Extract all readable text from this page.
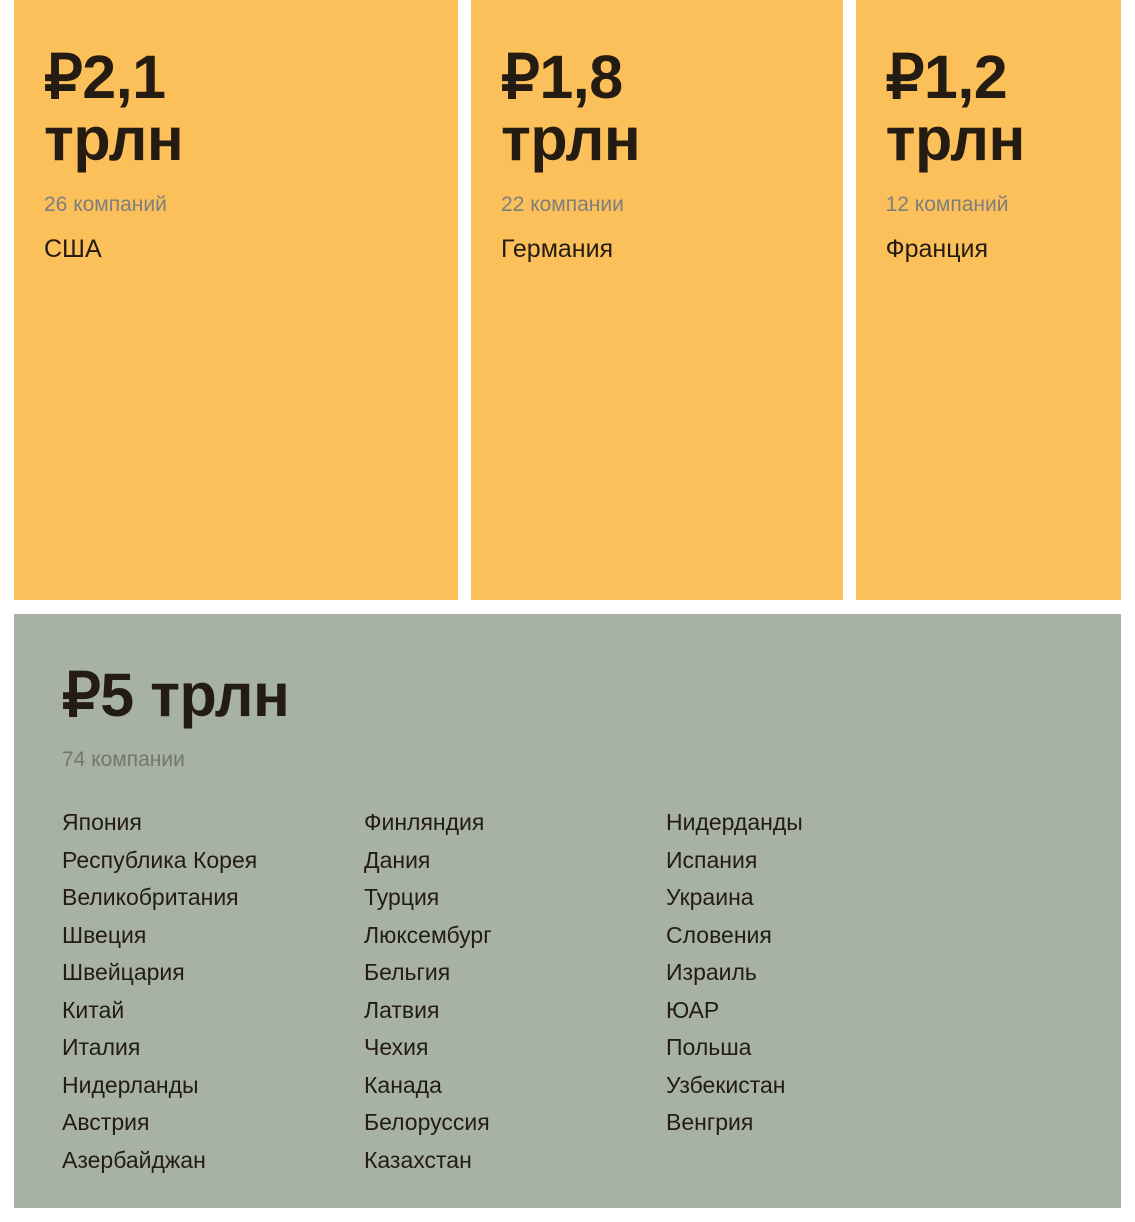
₽2,1 трлн
26 компаний
США
₽1,8 трлн
22 компании
Германия
₽1,2 трлн
12 компаний
Франция
₽5 трлн
74 компании
Япония
Республика Корея
Великобритания
Швеция
Швейцария
Китай
Италия
Нидерланды
Австрия
Азербайджан
Финляндия
Дания
Турция
Люксембург
Бельгия
Латвия
Чехия
Канада
Белоруссия
Казахстан
Нидерданды
Испания
Украина
Словения
Израиль
ЮАР
Польша
Узбекистан
Венгрия
